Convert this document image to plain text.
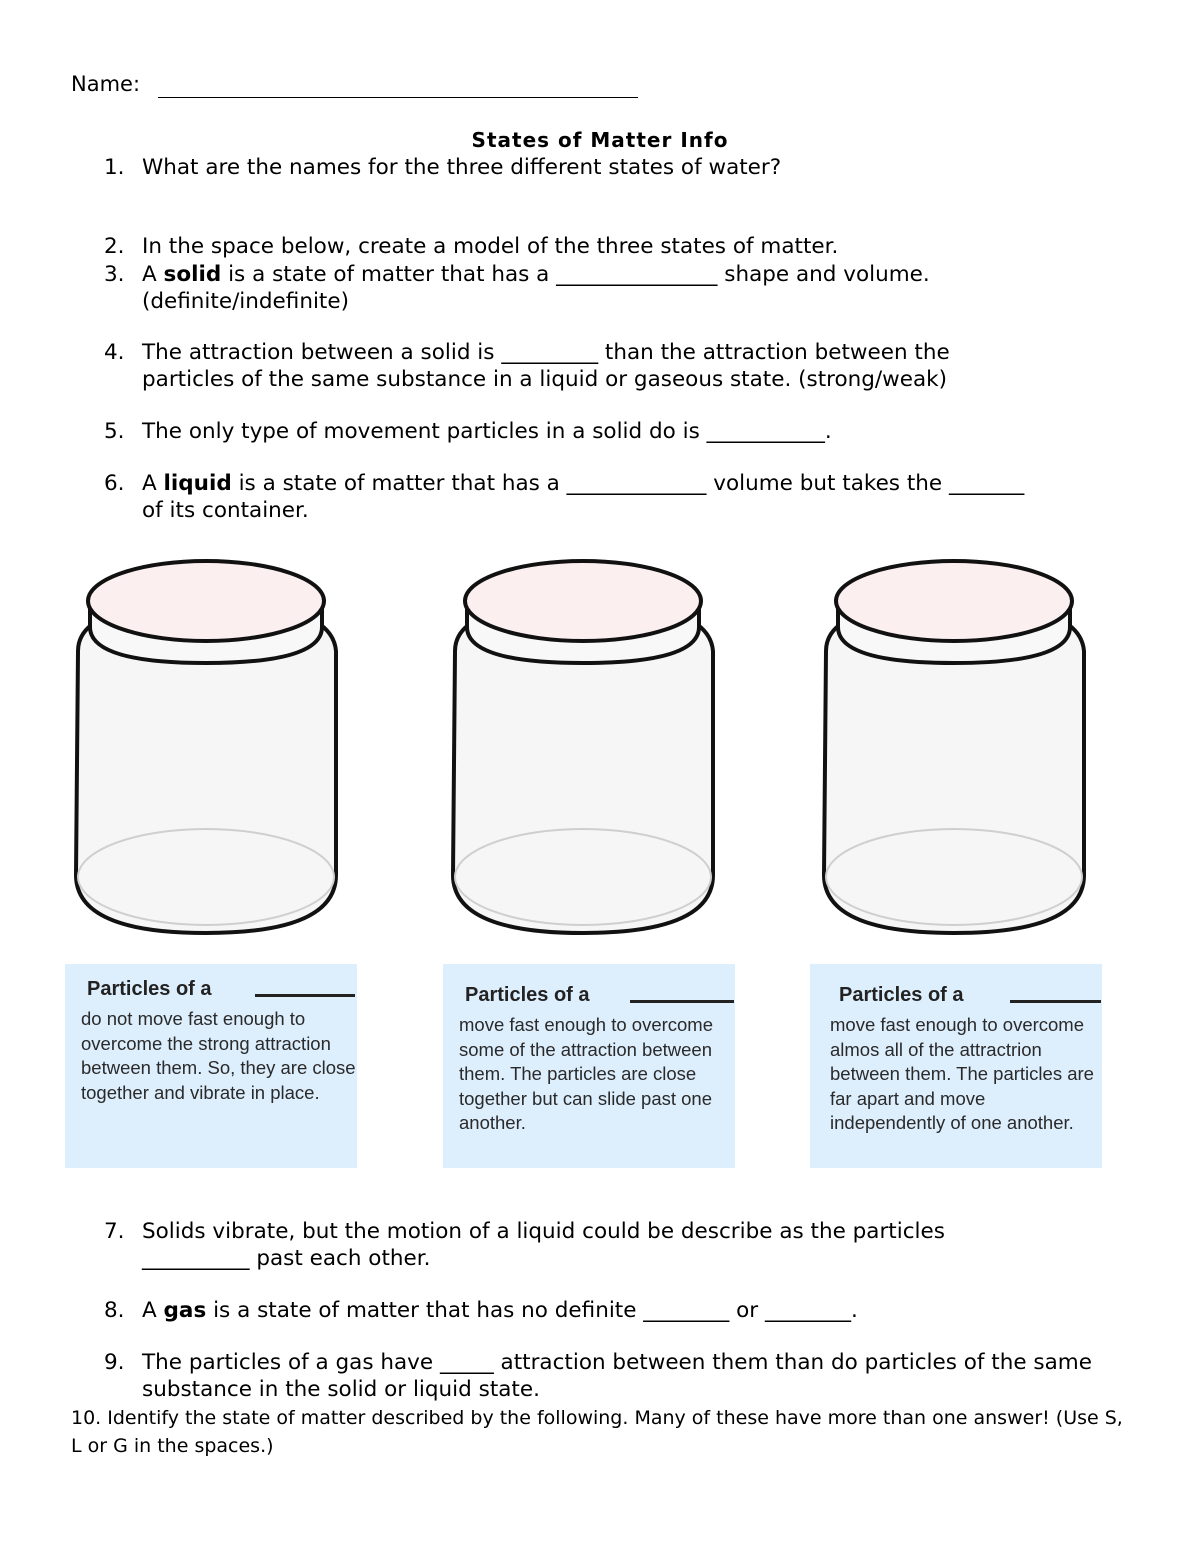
Name:
States of Matter Info
1. What are the names for the three different states of water?
2. In the space below, create a model of the three states of matter.
3. A solid is a state of matter that has a _______________ shape and volume. (definite/indefinite)
4. The attraction between a solid is _________ than the attraction between the particles of the same substance in a liquid or gaseous state. (strong/weak)
5. The only type of movement particles in a solid do is ___________.
6. A liquid is a state of matter that has a _____________ volume but takes the _______ of its container.
Particles of a
do not move fast enough to overcome the strong attraction between them. So, they are close together and vibrate in place.
Particles of a
move fast enough to overcome some of the attraction between them. The particles are close together but can slide past one another.
Particles of a
move fast enough to overcome almos all of the attractrion between them. The particles are far apart and move independently of one another.
7. Solids vibrate, but the motion of a liquid could be describe as the particles __________ past each other.
8. A gas is a state of matter that has no definite ________ or ________.
9. The particles of a gas have _____ attraction between them than do particles of the same substance in the solid or liquid state.
10. Identify the state of matter described by the following. Many of these have more than one answer! (Use S, L or G in the spaces.)
